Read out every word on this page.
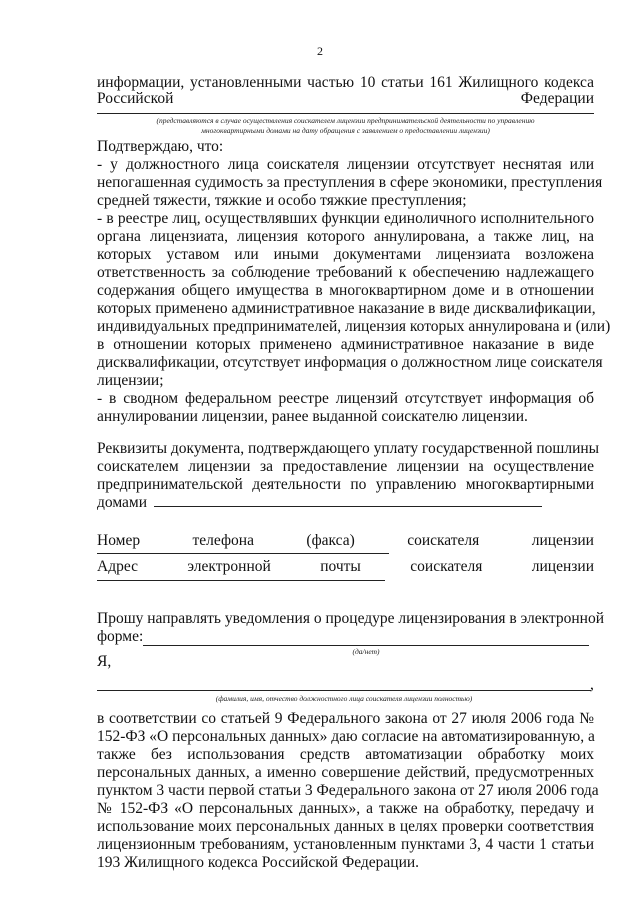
2
информации, установленными частью 10 статьи 161 Жилищного кодекса
Российской	Федерации
(представляются в случае осуществления соискателем лицензии предпринимательской деятельности по управлению
многоквартирными домами на дату обращения с заявлением о предоставлении лицензии)
Подтверждаю, что:
- у должностного лица соискателя лицензии отсутствует неснятая или
непогашенная судимость за преступления в сфере экономики, преступления
средней тяжести, тяжкие и особо тяжкие преступления;
- в реестре лиц, осуществлявших функции единоличного исполнительного
органа лицензиата, лицензия которого аннулирована, а также лиц, на
которых уставом или иными документами лицензиата возложена
ответственность за соблюдение требований к обеспечению надлежащего
содержания общего имущества в многоквартирном доме и в отношении
которых применено административное наказание в виде дисквалификации,
индивидуальных предпринимателей, лицензия которых аннулирована и (или)
в отношении которых применено административное наказание в виде
дисквалификации, отсутствует информация о должностном лице соискателя
лицензии;
- в сводном федеральном реестре лицензий отсутствует информация об
аннулировании лицензии, ранее выданной соискателю лицензии.
Реквизиты документа, подтверждающего уплату государственной пошлины
соискателем лицензии за предоставление лицензии на осуществление
предпринимательской деятельности по управлению многоквартирными
домами
Номер	телефона	(факса)	соискателя	лицензии
Адрес	электронной	почты	соискателя	лицензии
Прошу направлять уведомления о процедуре лицензирования в электронной
форме:
(да/нет)
Я,
,
(фамилия, имя, отчество должностного лица соискателя лицензии полностью)
в соответствии со статьей 9 Федерального закона от 27 июля 2006 года №
152-ФЗ «О персональных данных» даю согласие на автоматизированную, а
также без использования средств автоматизации обработку моих
персональных данных, а именно совершение действий, предусмотренных
пунктом 3 части первой статьи 3 Федерального закона от 27 июля 2006 года
№ 152-ФЗ «О персональных данных», а также на обработку, передачу и
использование моих персональных данных в целях проверки соответствия
лицензионным требованиям, установленным пунктами 3, 4 части 1 статьи
193 Жилищного кодекса Российской Федерации.
